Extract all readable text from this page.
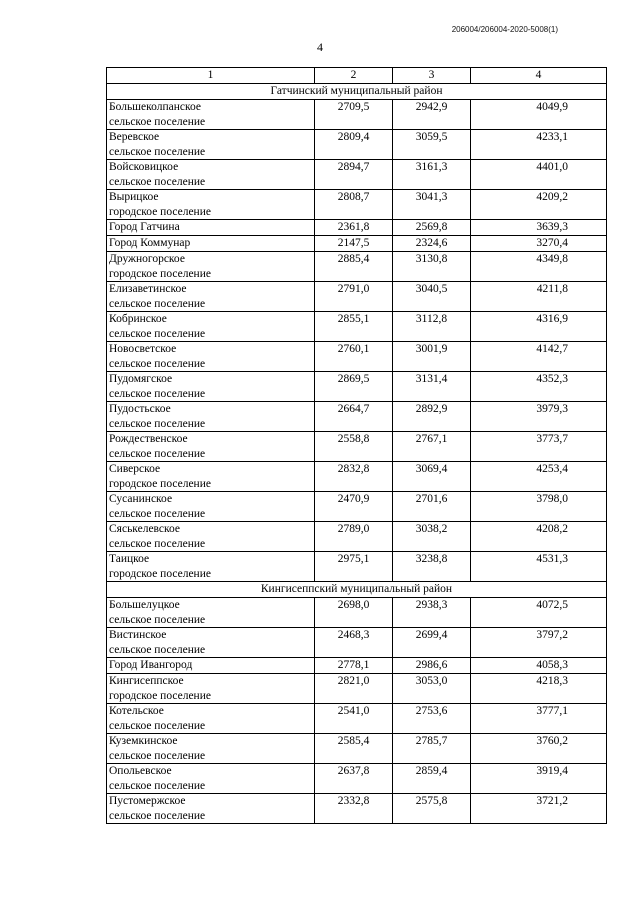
206004/206004-2020-5008(1)
4
1	2	3	4
Гатчинский муниципальный район			

Большеколпанское
сельское поселение	2709,5	2942,9	4049,9

Веревское
сельское поселение	2809,4	3059,5	4233,1

Войсковицкое
сельское поселение	2894,7	3161,3	4401,0

Вырицкое
городское поселение	2808,7	3041,3	4209,2

Город Гатчина	2361,8	2569,8	3639,3

Город Коммунар	2147,5	2324,6	3270,4

Дружногорское
городское поселение	2885,4	3130,8	4349,8

Елизаветинское
сельское поселение	2791,0	3040,5	4211,8

Кобринское
сельское поселение	2855,1	3112,8	4316,9

Новосветское
сельское поселение	2760,1	3001,9	4142,7

Пудомягское
сельское поселение	2869,5	3131,4	4352,3

Пудостьское
сельское поселение	2664,7	2892,9	3979,3

Рождественское
сельское поселение	2558,8	2767,1	3773,7

Сиверское
городское поселение	2832,8	3069,4	4253,4

Сусанинское
сельское поселение	2470,9	2701,6	3798,0

Сяськелевское
сельское поселение	2789,0	3038,2	4208,2

Таицкое
городское поселение	2975,1	3238,8	4531,3
Кингисеппский муниципальный район			

Большелуцкое
сельское поселение	2698,0	2938,3	4072,5

Вистинское
сельское поселение	2468,3	2699,4	3797,2

Город Ивангород	2778,1	2986,6	4058,3

Кингисеппское
городское поселение	2821,0	3053,0	4218,3

Котельское
сельское поселение	2541,0	2753,6	3777,1

Куземкинское
сельское поселение	2585,4	2785,7	3760,2

Опольевское
сельское поселение	2637,8	2859,4	3919,4

Пустомержское
сельское поселение	2332,8	2575,8	3721,2
